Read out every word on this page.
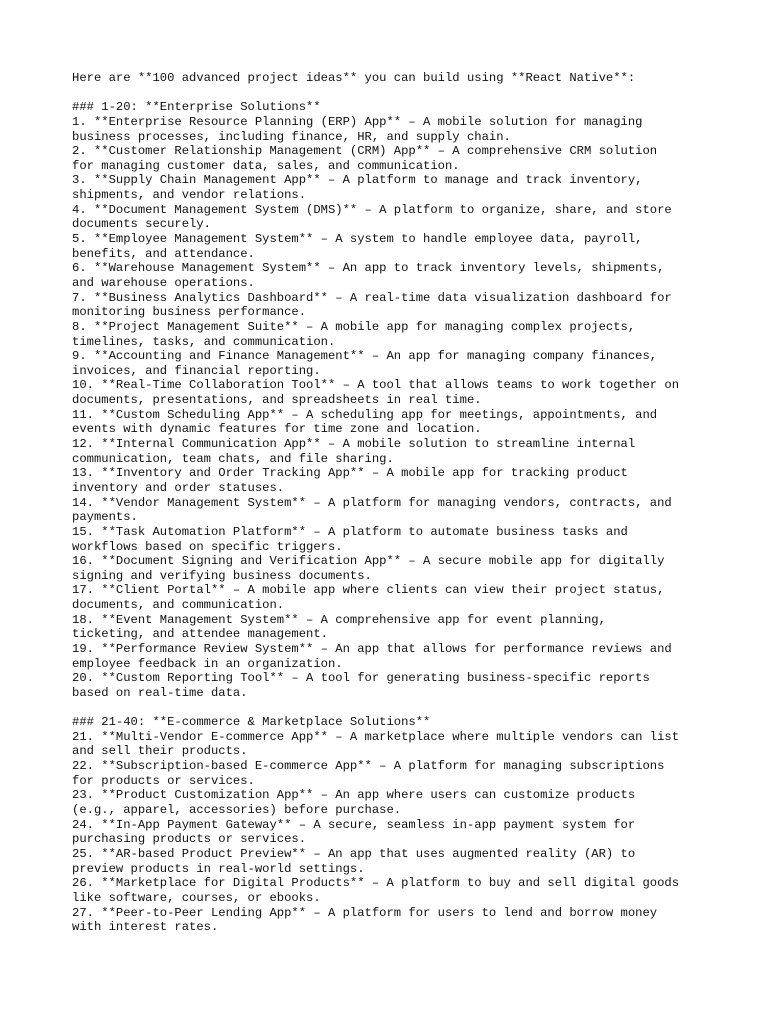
Here are **100 advanced project ideas** you can build using **React Native**:
### 1-20: **Enterprise Solutions**
1. **Enterprise Resource Planning (ERP) App** – A mobile solution for managing
business processes, including finance, HR, and supply chain.
2. **Customer Relationship Management (CRM) App** – A comprehensive CRM solution
for managing customer data, sales, and communication.
3. **Supply Chain Management App** – A platform to manage and track inventory,
shipments, and vendor relations.
4. **Document Management System (DMS)** – A platform to organize, share, and store
documents securely.
5. **Employee Management System** – A system to handle employee data, payroll,
benefits, and attendance.
6. **Warehouse Management System** – An app to track inventory levels, shipments,
and warehouse operations.
7. **Business Analytics Dashboard** – A real-time data visualization dashboard for
monitoring business performance.
8. **Project Management Suite** – A mobile app for managing complex projects,
timelines, tasks, and communication.
9. **Accounting and Finance Management** – An app for managing company finances,
invoices, and financial reporting.
10. **Real-Time Collaboration Tool** – A tool that allows teams to work together on
documents, presentations, and spreadsheets in real time.
11. **Custom Scheduling App** – A scheduling app for meetings, appointments, and
events with dynamic features for time zone and location.
12. **Internal Communication App** – A mobile solution to streamline internal
communication, team chats, and file sharing.
13. **Inventory and Order Tracking App** – A mobile app for tracking product
inventory and order statuses.
14. **Vendor Management System** – A platform for managing vendors, contracts, and
payments.
15. **Task Automation Platform** – A platform to automate business tasks and
workflows based on specific triggers.
16. **Document Signing and Verification App** – A secure mobile app for digitally
signing and verifying business documents.
17. **Client Portal** – A mobile app where clients can view their project status,
documents, and communication.
18. **Event Management System** – A comprehensive app for event planning,
ticketing, and attendee management.
19. **Performance Review System** – An app that allows for performance reviews and
employee feedback in an organization.
20. **Custom Reporting Tool** – A tool for generating business-specific reports
based on real-time data.
### 21-40: **E-commerce & Marketplace Solutions**
21. **Multi-Vendor E-commerce App** – A marketplace where multiple vendors can list
and sell their products.
22. **Subscription-based E-commerce App** – A platform for managing subscriptions
for products or services.
23. **Product Customization App** – An app where users can customize products
(e.g., apparel, accessories) before purchase.
24. **In-App Payment Gateway** – A secure, seamless in-app payment system for
purchasing products or services.
25. **AR-based Product Preview** – An app that uses augmented reality (AR) to
preview products in real-world settings.
26. **Marketplace for Digital Products** – A platform to buy and sell digital goods
like software, courses, or ebooks.
27. **Peer-to-Peer Lending App** – A platform for users to lend and borrow money
with interest rates.
